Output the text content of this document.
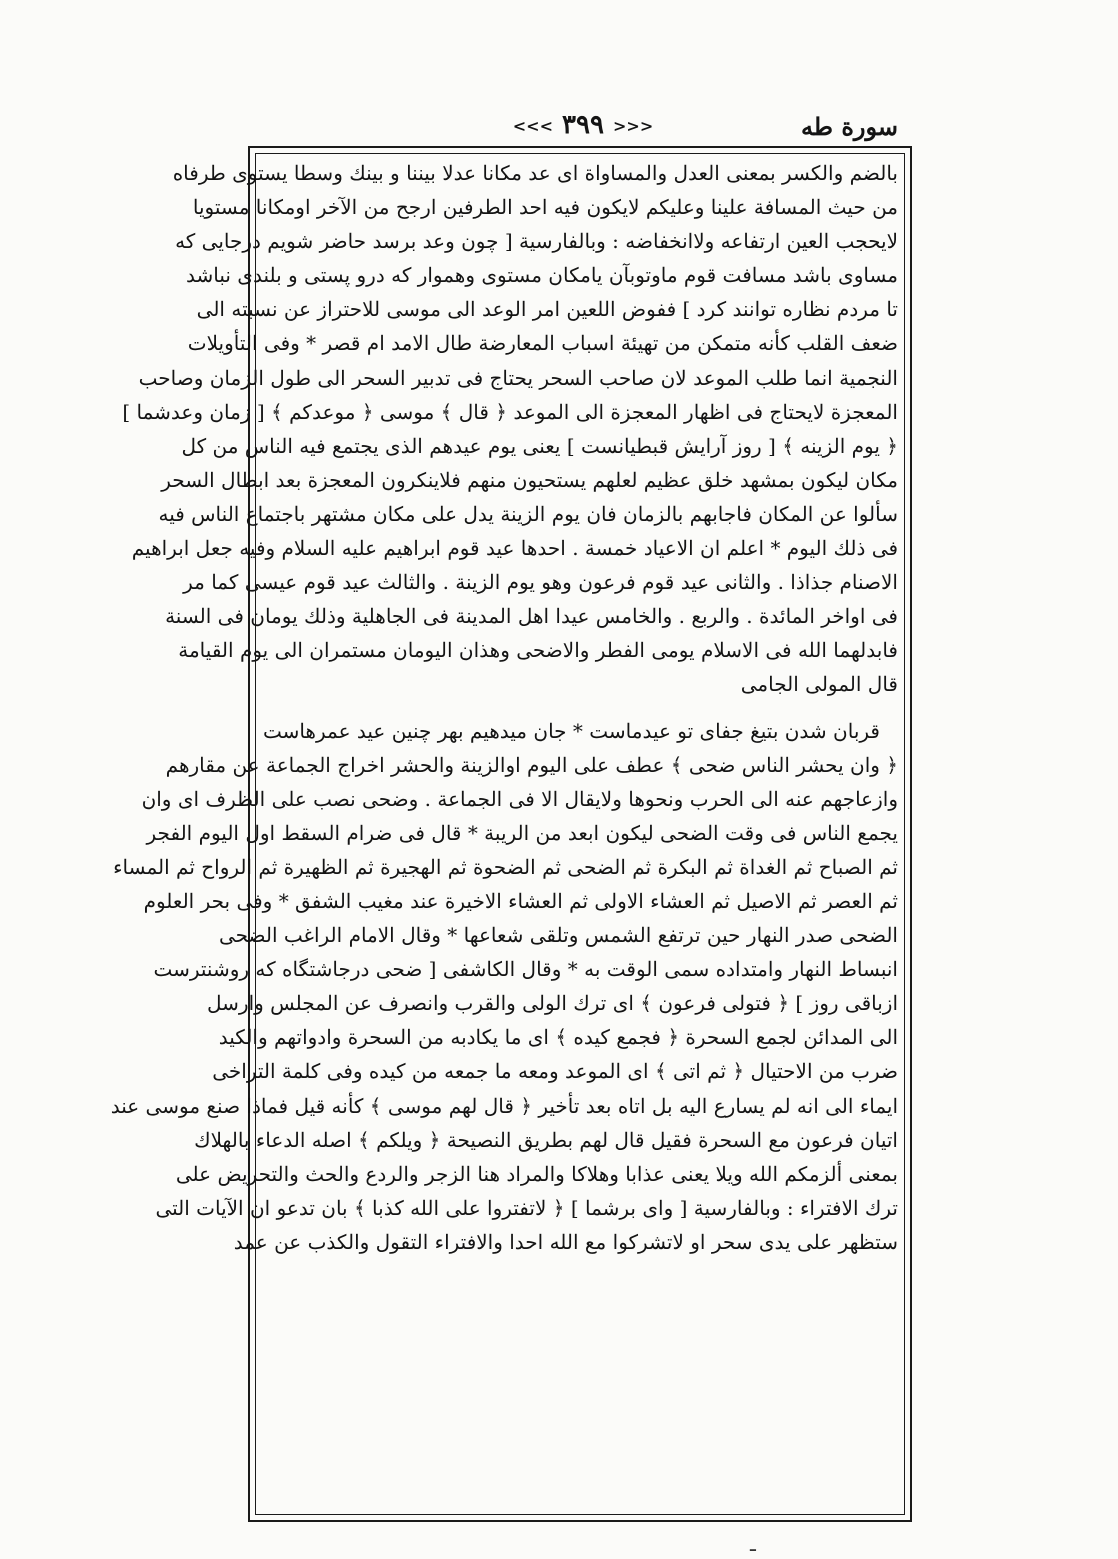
سورة طه
<<< ٣٩٩ >>>
بالضم والكسر بمعنى العدل والمساواة اى عد مكانا عدلا بيننا و بينك وسطا يستوى طرفاه
من حيث المسافة علينا وعليكم لايكون فيه احد الطرفين ارجح من الآخر اومكانا مستويا
لايحجب العين ارتفاعه ولاانخفاضه : وبالفارسية [ چون وعد برسد حاضر شويم درجايى كه
مساوى باشد مسافت قوم ماوتوبآن يامكان مستوى وهموار كه درو پستى و بلندى نباشد
تا مردم نظاره توانند كرد ] ففوض اللعين امر الوعد الى موسى للاحتراز عن نسبته الى
ضعف القلب كأنه متمكن من تهيئة اسباب المعارضة طال الامد ام قصر * وفى التأويلات
النجمية انما طلب الموعد لان صاحب السحر يحتاج فى تدبير السحر الى طول الزمان وصاحب
المعجزة لايحتاج فى اظهار المعجزة الى الموعد ﴿ قال ﴾ موسى ﴿ موعدكم ﴾ [ زمان وعدشما ]
﴿ يوم الزينه ﴾ [ روز آرايش قبطيانست ] يعنى يوم عيدهم الذى يجتمع فيه الناس من كل
مكان ليكون بمشهد خلق عظيم لعلهم يستحيون منهم فلاينكرون المعجزة بعد ابطال السحر
سألوا عن المكان فاجابهم بالزمان فان يوم الزينة يدل على مكان مشتهر باجتماع الناس فيه
فى ذلك اليوم * اعلم ان الاعياد خمسة . احدها عيد قوم ابراهيم عليه السلام وفيه جعل ابراهيم
الاصنام جذاذا . والثانى عيد قوم فرعون وهو يوم الزينة . والثالث عيد قوم عيسى كما مر
فى اواخر المائدة . والربع . والخامس عيدا اهل المدينة فى الجاهلية وذلك يومان فى السنة
فابدلهما الله فى الاسلام يومى الفطر والاضحى وهذان اليومان مستمران الى يوم القيامة
قال المولى الجامى
قربان شدن بتيغ جفاى تو عيدماست * جان ميدهيم بهر چنين عيد عمرهاست
﴿ وان يحشر الناس ضحى ﴾ عطف على اليوم اوالزينة والحشر اخراج الجماعة عن مقارهم
وازعاجهم عنه الى الحرب ونحوها ولايقال الا فى الجماعة . وضحى نصب على الظرف اى وان
يجمع الناس فى وقت الضحى ليكون ابعد من الريبة * قال فى ضرام السقط اول اليوم الفجر
ثم الصباح ثم الغداة ثم البكرة ثم الضحى ثم الضحوة ثم الهجيرة ثم الظهيرة ثم الرواح ثم المساء
ثم العصر ثم الاصيل ثم العشاء الاولى ثم العشاء الاخيرة عند مغيب الشفق * وفى بحر العلوم
الضحى صدر النهار حين ترتفع الشمس وتلقى شعاعها * وقال الامام الراغب الضحى
انبساط النهار وامتداده سمى الوقت به * وقال الكاشفى [ ضحى درجاشتگاه كه روشنترست
ازباقى روز ] ﴿ فتولى فرعون ﴾ اى ترك الولى والقرب وانصرف عن المجلس وارسل
الى المدائن لجمع السحرة ﴿ فجمع كيده ﴾ اى ما يكادبه من السحرة وادواتهم والكيد
ضرب من الاحتيال ﴿ ثم اتى ﴾ اى الموعد ومعه ما جمعه من كيده وفى كلمة التراخى
ايماء الى انه لم يسارع اليه بل اتاه بعد تأخير ﴿ قال لهم موسى ﴾ كأنه قيل فماذا صنع موسى عند
اتيان فرعون مع السحرة فقيل قال لهم بطريق النصيحة ﴿ ويلكم ﴾ اصله الدعاء بالهلاك
بمعنى ألزمكم الله ويلا يعنى عذابا وهلاكا والمراد هنا الزجر والردع والحث والتحريض على
ترك الافتراء : وبالفارسية [ واى برشما ] ﴿ لاتفتروا على الله كذبا ﴾ بان تدعو ان الآيات التى
ستظهر على يدى سحر او لاتشركوا مع الله احدا والافتراء التقول والكذب عن عمد
ـ
